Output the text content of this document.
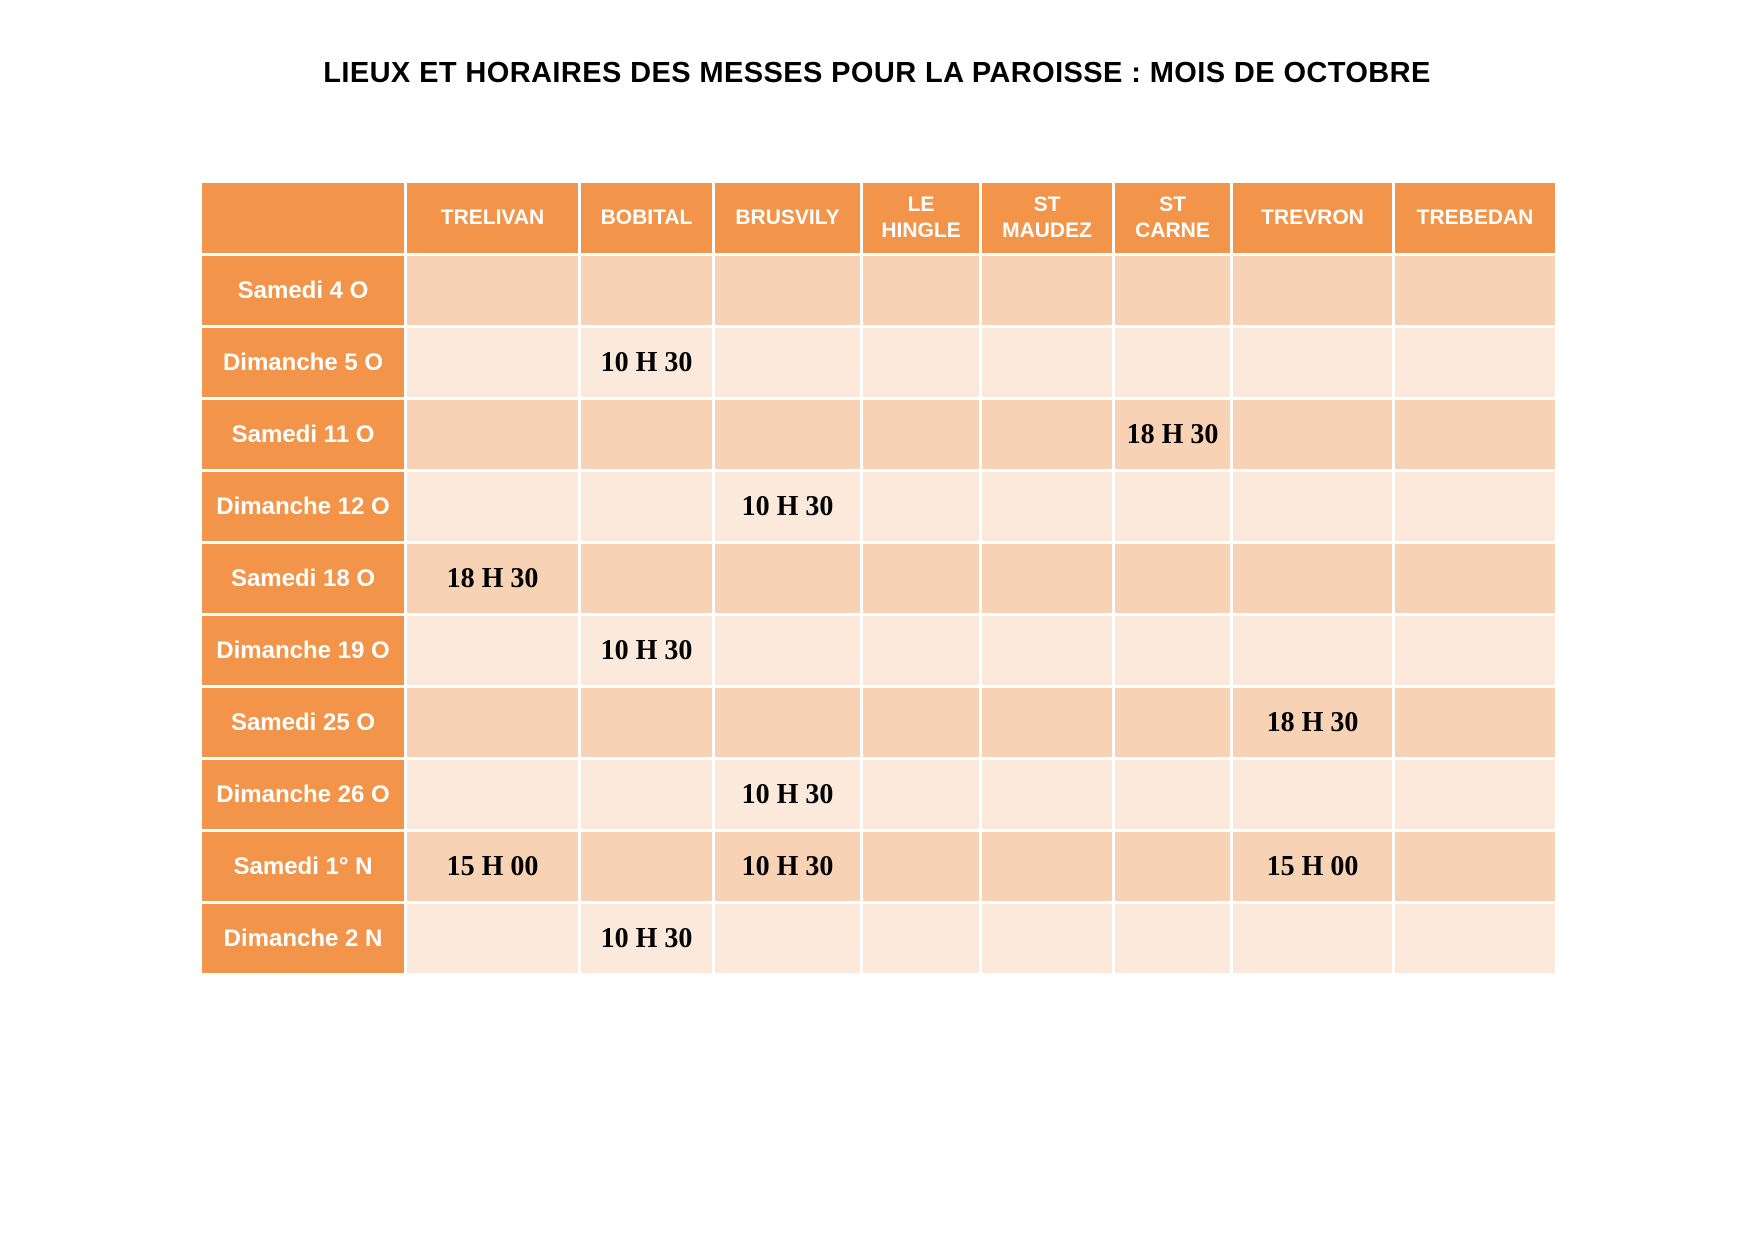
LIEUX ET HORAIRES DES MESSES POUR LA PAROISSE : MOIS DE OCTOBRE
	TRELIVAN	BOBITAL	BRUSVILY	LE HINGLE	ST MAUDEZ	ST CARNE	TREVRON	TREBEDAN
Samedi 4 O								
Dimanche 5 O		10 H 30						
Samedi 11 O						18 H 30		
Dimanche 12 O			10 H 30					
Samedi 18 O	18 H 30							
Dimanche 19 O		10 H 30						
Samedi 25 O							18 H 30	
Dimanche 26 O			10 H 30					
Samedi 1° N	15 H 00		10 H 30				15 H 00	
Dimanche 2 N		10 H 30						
